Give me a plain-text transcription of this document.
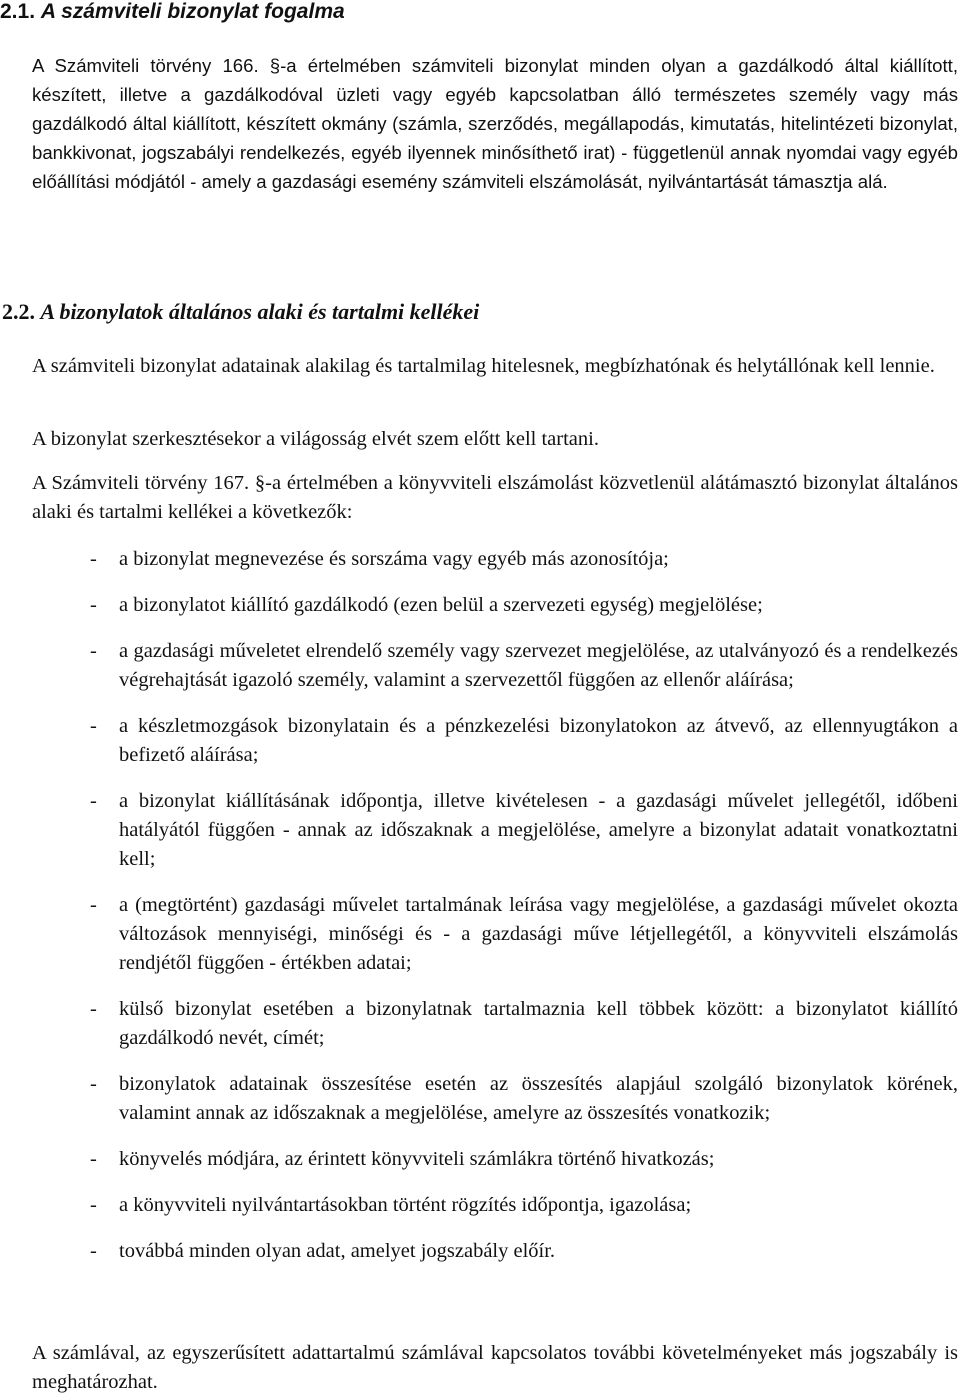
2.1. A számviteli bizonylat fogalma

A Számviteli törvény 166. §-a értelmében számviteli bizonylat minden olyan a gazdálkodó által kiállított, készített, illetve a gazdálkodóval üzleti vagy egyéb kapcsolatban álló természetes személy vagy más gazdálkodó által kiállított, készített okmány (számla, szerződés, megállapodás, kimutatás, hitelintézeti bizonylat, bankkivonat, jogszabályi rendelkezés, egyéb ilyennek minősíthető irat) - függetlenül annak nyomdai vagy egyéb előállítási módjától - amely a gazdasági esemény számviteli elszámolását, nyilvántartását támasztja alá.

2.2. A bizonylatok általános alaki és tartalmi kellékei

A számviteli bizonylat adatainak alakilag és tartalmilag hitelesnek, megbízhatónak és helytállónak kell lennie.

A bizonylat szerkesztésekor a világosság elvét szem előtt kell tartani.

A Számviteli törvény 167. §-a értelmében a könyvviteli elszámolást közvetlenül alátámasztó bizonylat általános alaki és tartalmi kellékei a következők:

- a bizonylat megnevezése és sorszáma vagy egyéb más azonosítója;
- a bizonylatot kiállító gazdálkodó (ezen belül a szervezeti egység) megjelölése;
- a gazdasági műveletet elrendelő személy vagy szervezet megjelölése, az utalványozó és a rendelkezés végrehajtását igazoló személy, valamint a szervezettől függően az ellenőr aláírása;
- a készletmozgások bizonylatain és a pénzkezelési bizonylatokon az átvevő, az ellennyugtákon a befizető aláírása;
- a bizonylat kiállításának időpontja, illetve kivételesen - a gazdasági művelet jellegétől, időbeni hatályától függően - annak az időszaknak a megjelölése, amelyre a bizonylat adatait vonatkoztatni kell;
- a (megtörtént) gazdasági művelet tartalmának leírása vagy megjelölése, a gazdasági művelet okozta változások mennyiségi, minőségi és - a gazdasági műve létjellegétől, a könyvviteli elszámolás rendjétől függően - értékben adatai;
- külső bizonylat esetében a bizonylatnak tartalmaznia kell többek között: a bizonylatot kiállító gazdálkodó nevét, címét;
- bizonylatok adatainak összesítése esetén az összesítés alapjául szolgáló bizonylatok körének, valamint annak az időszaknak a megjelölése, amelyre az összesítés vonatkozik;
- könyvelés módjára, az érintett könyvviteli számlákra történő hivatkozás;
- a könyvviteli nyilvántartásokban történt rögzítés időpontja, igazolása;
- továbbá minden olyan adat, amelyet jogszabály előír.

A számlával, az egyszerűsített adattartalmú számlával kapcsolatos további követelményeket más jogszabály is meghatározhat.
